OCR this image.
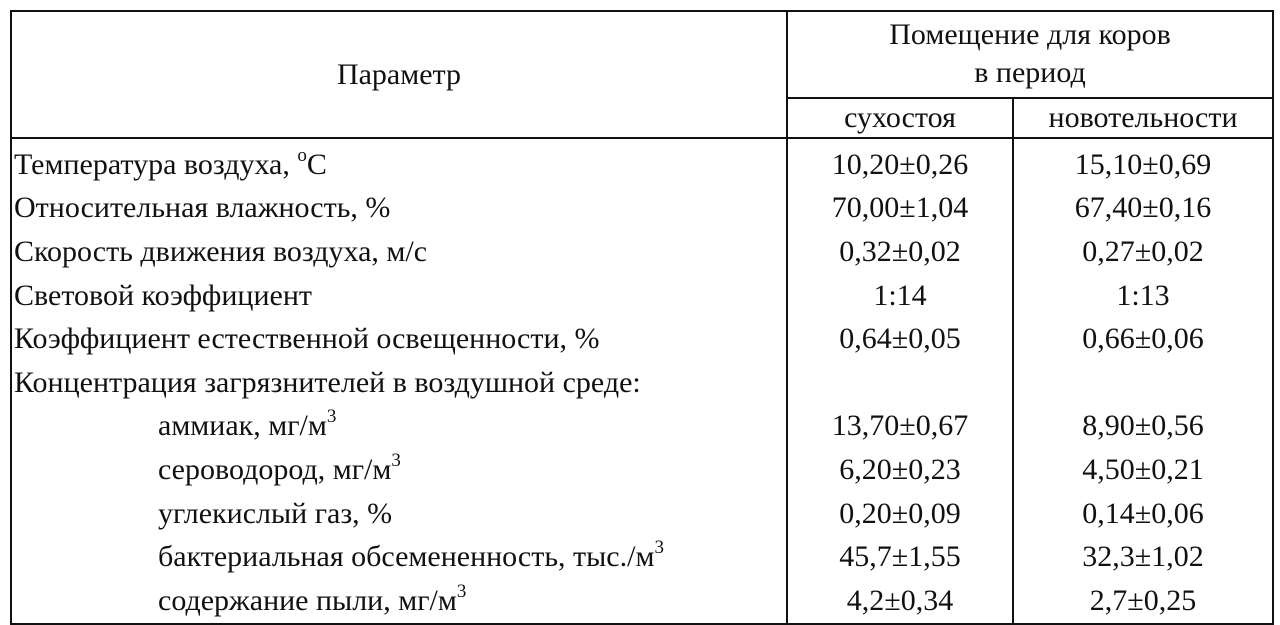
Параметр	Помещение для коров
в период	

	сухостоя	новотельности
Температура воздуха, $^o$С	10,20±0,26	15,10±0,69
Относительная влажность, %	70,00±1,04	67,40±0,16
Скорость движения воздуха, м/с	0,32±0,02	0,27±0,02
Световой коэффициент	1:14	1:13
Коэффициент естественной освещенности, %	0,64±0,05	0,66±0,06
Концентрация загрязнителей в воздушной среде:		
аммиак, $мг/м^3$	13,70±0,67	8,90±0,56
сероводород, $мг/м^3$	6,20±0,23	4,50±0,21
углекислый газ, %	0,20±0,09	0,14±0,06
бактериальная обсемененность, $тыс./м^3$	45,7±1,55	32,3±1,02
содержание пыли, $мг/м^3$	4,2±0,34	2,7±0,25
